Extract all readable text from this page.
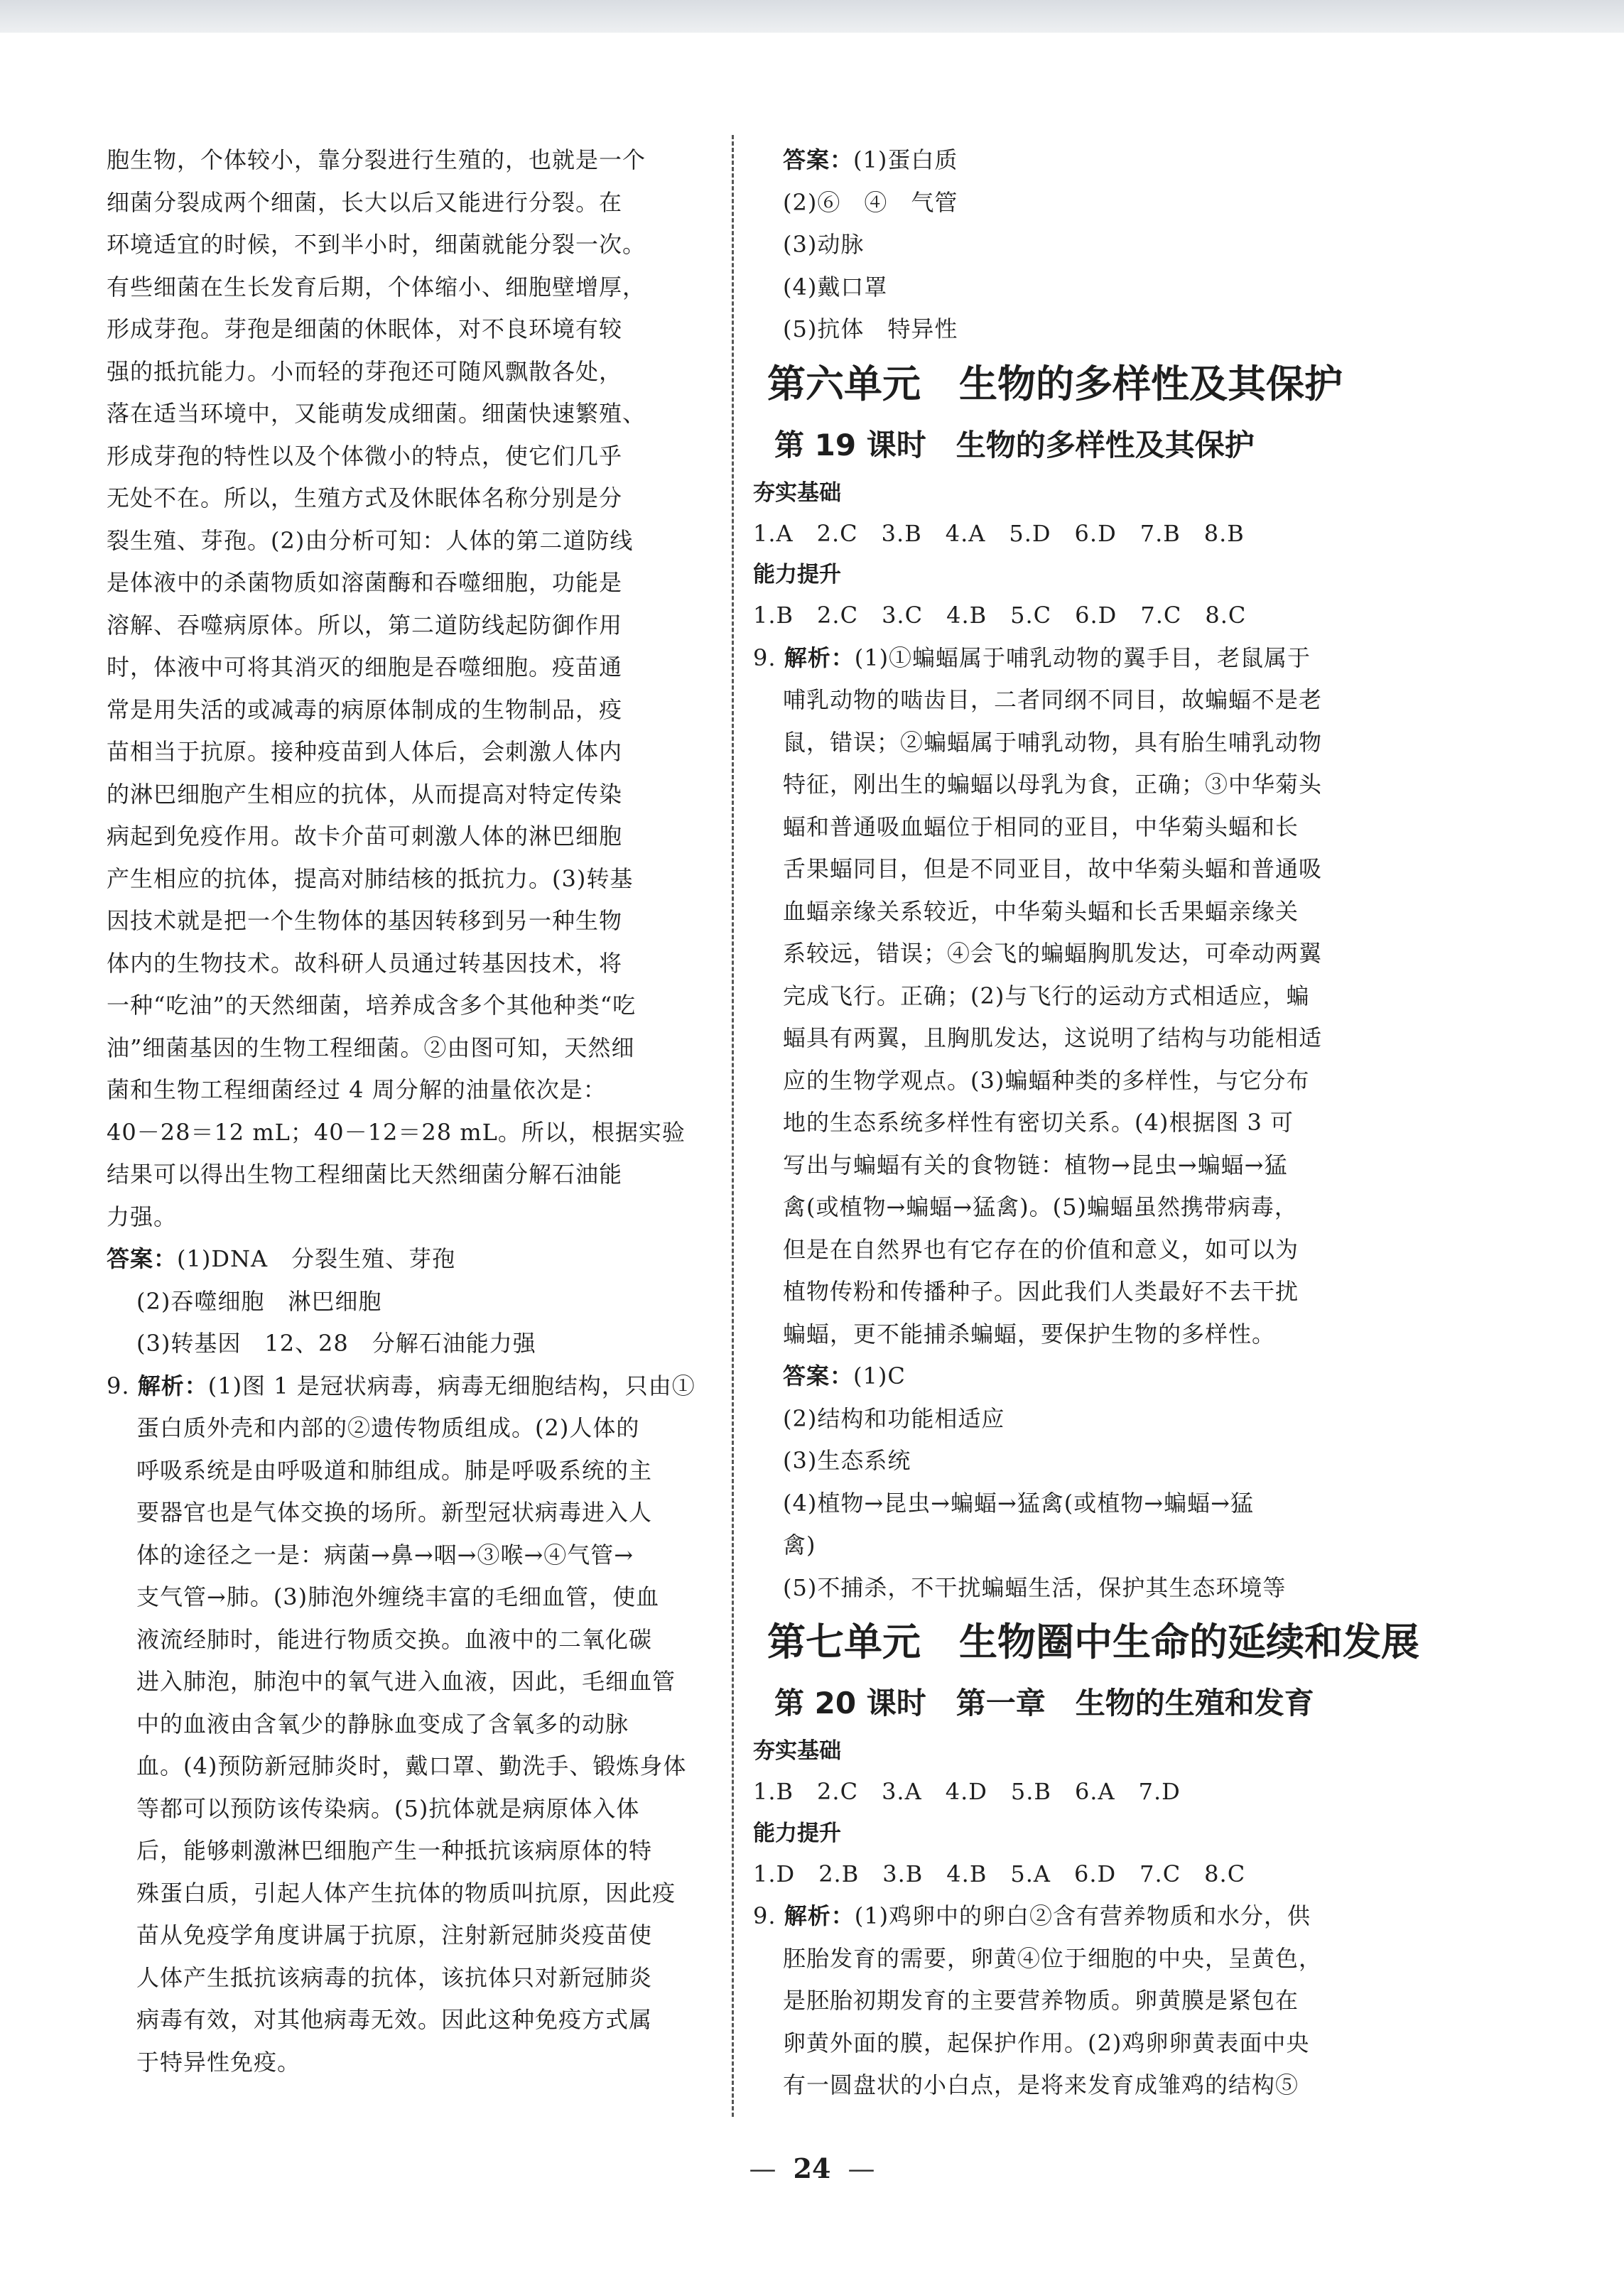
胞生物，个体较小，靠分裂进行生殖的，也就是一个
细菌分裂成两个细菌，长大以后又能进行分裂。在
环境适宜的时候，不到半小时，细菌就能分裂一次。
有些细菌在生长发育后期，个体缩小、细胞壁增厚，
形成芽孢。芽孢是细菌的休眠体，对不良环境有较
强的抵抗能力。小而轻的芽孢还可随风飘散各处，
落在适当环境中，又能萌发成细菌。细菌快速繁殖、
形成芽孢的特性以及个体微小的特点，使它们几乎
无处不在。所以，生殖方式及休眠体名称分别是分
裂生殖、芽孢。(2)由分析可知：人体的第二道防线
是体液中的杀菌物质如溶菌酶和吞噬细胞，功能是
溶解、吞噬病原体。所以，第二道防线起防御作用
时，体液中可将其消灭的细胞是吞噬细胞。疫苗通
常是用失活的或减毒的病原体制成的生物制品，疫
苗相当于抗原。接种疫苗到人体后，会刺激人体内
的淋巴细胞产生相应的抗体，从而提高对特定传染
病起到免疫作用。故卡介苗可刺激人体的淋巴细胞
产生相应的抗体，提高对肺结核的抵抗力。(3)转基
因技术就是把一个生物体的基因转移到另一种生物
体内的生物技术。故科研人员通过转基因技术，将
一种“吃油”的天然细菌，培养成含多个其他种类“吃
油”细菌基因的生物工程细菌。②由图可知，天然细
菌和生物工程细菌经过 4 周分解的油量依次是：
40－28＝12 mL；40－12＝28 mL。所以，根据实验
结果可以得出生物工程细菌比天然细菌分解石油能
力强。
答案：(1)DNA　分裂生殖、芽孢
(2)吞噬细胞　淋巴细胞
(3)转基因　12、28　分解石油能力强
9. 解析：(1)图 1 是冠状病毒，病毒无细胞结构，只由①
蛋白质外壳和内部的②遗传物质组成。(2)人体的
呼吸系统是由呼吸道和肺组成。肺是呼吸系统的主
要器官也是气体交换的场所。新型冠状病毒进入人
体的途径之一是：病菌→鼻→咽→③喉→④气管→
支气管→肺。(3)肺泡外缠绕丰富的毛细血管，使血
液流经肺时，能进行物质交换。血液中的二氧化碳
进入肺泡，肺泡中的氧气进入血液，因此，毛细血管
中的血液由含氧少的静脉血变成了含氧多的动脉
血。(4)预防新冠肺炎时，戴口罩、勤洗手、锻炼身体
等都可以预防该传染病。(5)抗体就是病原体入体
后，能够刺激淋巴细胞产生一种抵抗该病原体的特
殊蛋白质，引起人体产生抗体的物质叫抗原，因此疫
苗从免疫学角度讲属于抗原，注射新冠肺炎疫苗使
人体产生抵抗该病毒的抗体，该抗体只对新冠肺炎
病毒有效，对其他病毒无效。因此这种免疫方式属
于特异性免疫。
答案：(1)蛋白质
(2)⑥　④　气管
(3)动脉
(4)戴口罩
(5)抗体　特异性
第六单元　生物的多样性及其保护
第 19 课时　生物的多样性及其保护
夯实基础
1.A　2.C　3.B　4.A　5.D　6.D　7.B　8.B
能力提升
1.B　2.C　3.C　4.B　5.C　6.D　7.C　8.C
9. 解析：(1)①蝙蝠属于哺乳动物的翼手目，老鼠属于
哺乳动物的啮齿目，二者同纲不同目，故蝙蝠不是老
鼠，错误；②蝙蝠属于哺乳动物，具有胎生哺乳动物
特征，刚出生的蝙蝠以母乳为食，正确；③中华菊头
蝠和普通吸血蝠位于相同的亚目，中华菊头蝠和长
舌果蝠同目，但是不同亚目，故中华菊头蝠和普通吸
血蝠亲缘关系较近，中华菊头蝠和长舌果蝠亲缘关
系较远，错误；④会飞的蝙蝠胸肌发达，可牵动两翼
完成飞行。正确；(2)与飞行的运动方式相适应，蝙
蝠具有两翼，且胸肌发达，这说明了结构与功能相适
应的生物学观点。(3)蝙蝠种类的多样性，与它分布
地的生态系统多样性有密切关系。(4)根据图 3 可
写出与蝙蝠有关的食物链：植物→昆虫→蝙蝠→猛
禽(或植物→蝙蝠→猛禽)。(5)蝙蝠虽然携带病毒，
但是在自然界也有它存在的价值和意义，如可以为
植物传粉和传播种子。因此我们人类最好不去干扰
蝙蝠，更不能捕杀蝙蝠，要保护生物的多样性。
答案：(1)C
(2)结构和功能相适应
(3)生态系统
(4)植物→昆虫→蝙蝠→猛禽(或植物→蝙蝠→猛
禽)
(5)不捕杀，不干扰蝙蝠生活，保护其生态环境等
第七单元　生物圈中生命的延续和发展
第 20 课时　第一章　生物的生殖和发育
夯实基础
1.B　2.C　3.A　4.D　5.B　6.A　7.D
能力提升
1.D　2.B　3.B　4.B　5.A　6.D　7.C　8.C
9. 解析：(1)鸡卵中的卵白②含有营养物质和水分，供
胚胎发育的需要，卵黄④位于细胞的中央，呈黄色，
是胚胎初期发育的主要营养物质。卵黄膜是紧包在
卵黄外面的膜，起保护作用。(2)鸡卵卵黄表面中央
有一圆盘状的小白点，是将来发育成雏鸡的结构⑤
— 24 —
